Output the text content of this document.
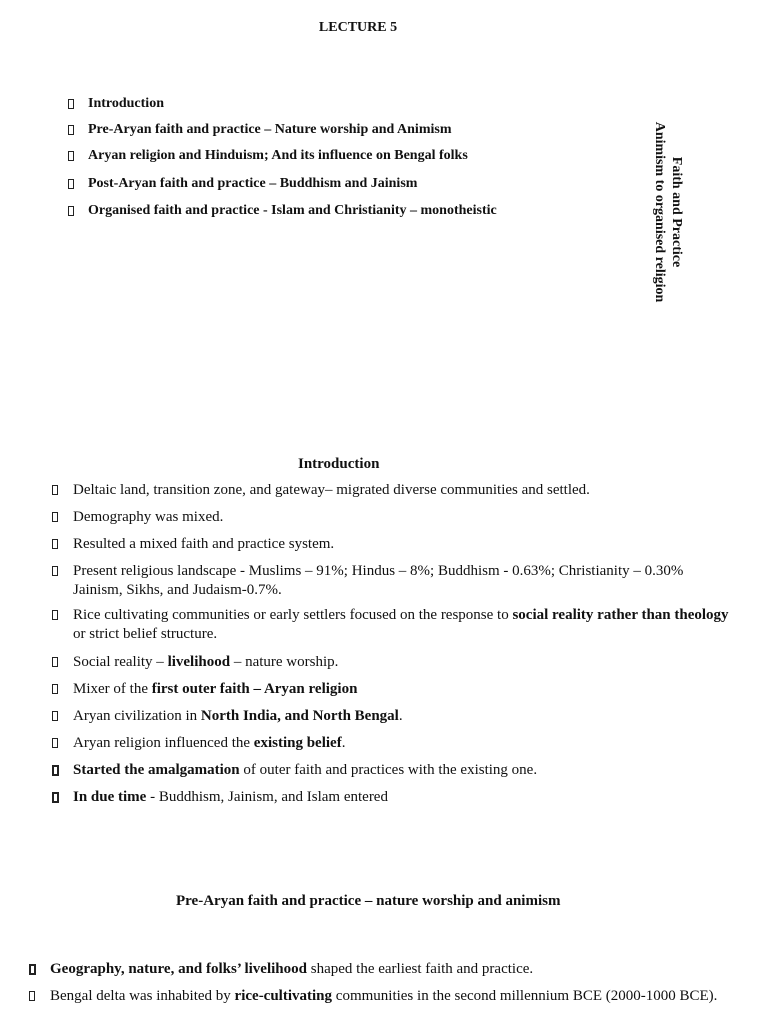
LECTURE 5
Introduction
Pre-Aryan faith and practice – Nature worship and Animism
Aryan religion and Hinduism; And its influence on Bengal folks
Post-Aryan faith and practice – Buddhism and Jainism
Organised faith and practice - Islam and Christianity – monotheistic	Faith and Practice
Animism to organised religion
Introduction
Deltaic land, transition zone, and gateway– migrated diverse communities and settled.
Demography was mixed.
Resulted a mixed faith and practice system.
Present religious landscape - Muslims – 91%; Hindus – 8%; Buddhism - 0.63%; Christianity – 0.30% Jainism, Sikhs, and Judaism-0.7%.
Rice cultivating communities or early settlers focused on the response to social reality rather than theology or strict belief structure.
Social reality – livelihood – nature worship.
Mixer of the first outer faith – Aryan religion
Aryan civilization in North India, and North Bengal.
Aryan religion influenced the existing belief.
Started the amalgamation of outer faith and practices with the existing one.
In due time - Buddhism, Jainism, and Islam entered
Pre-Aryan faith and practice – nature worship and animism
Geography, nature, and folks’ livelihood shaped the earliest faith and practice.
Bengal delta was inhabited by rice-cultivating communities in the second millennium BCE (2000-1000 BCE).
